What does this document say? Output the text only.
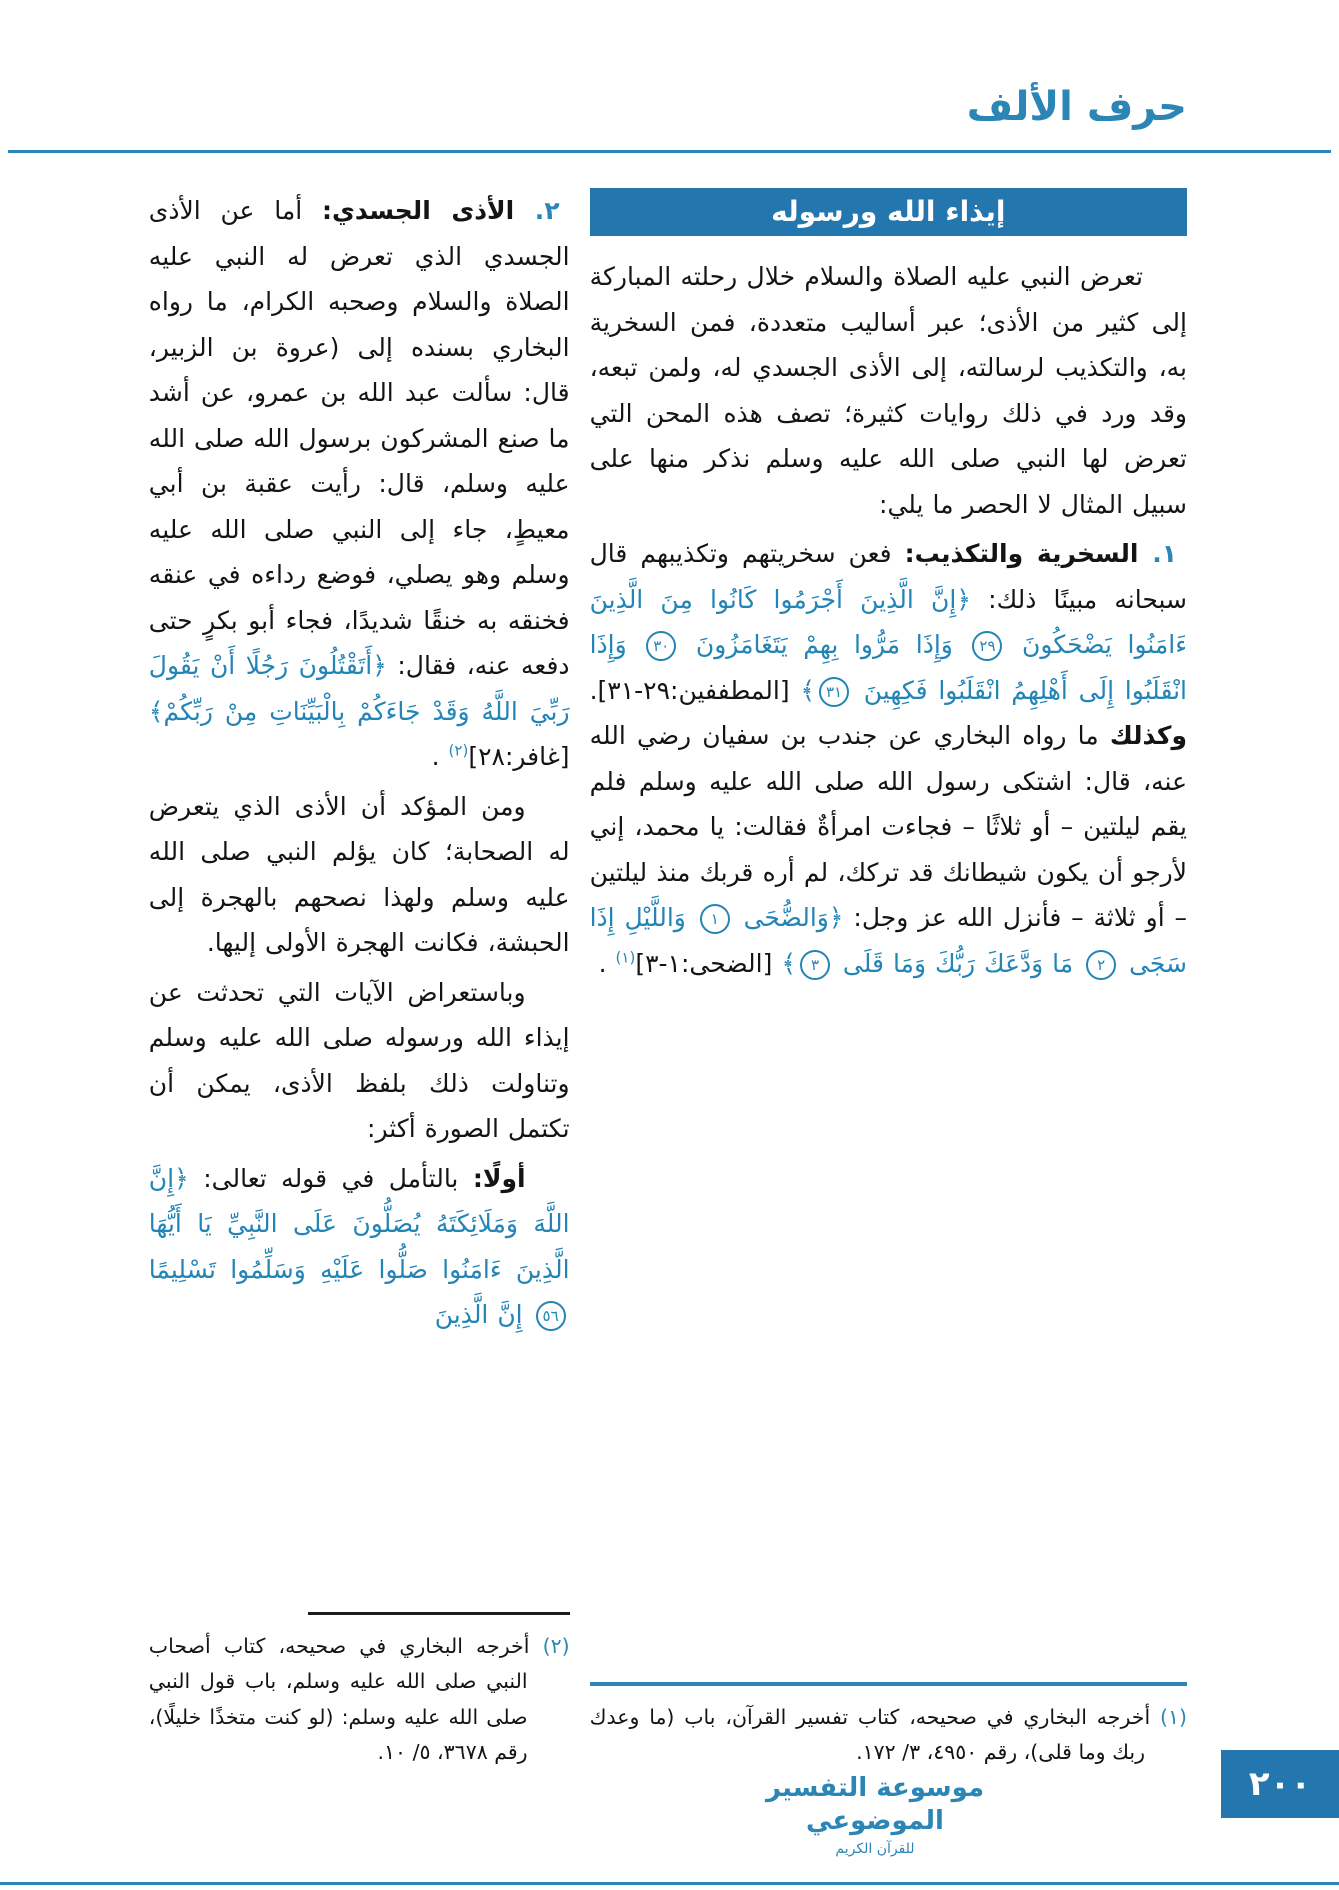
حرف الألف
إيذاء الله ورسوله

تعرض النبي عليه الصلاة والسلام خلال رحلته المباركة إلى كثير من الأذى؛ عبر أساليب متعددة، فمن السخرية به، والتكذيب لرسالته، إلى الأذى الجسدي له، ولمن تبعه، وقد ورد في ذلك روايات كثيرة؛ تصف هذه المحن التي تعرض لها النبي صلى الله عليه وسلم نذكر منها على سبيل المثال لا الحصر ما يلي:

١. السخرية والتكذيب: فعن سخريتهم وتكذيبهم قال سبحانه مبينًا ذلك: ﴿إِنَّ الَّذِينَ أَجْرَمُوا كَانُوا مِنَ الَّذِينَ ءَامَنُوا يَضْحَكُونَ ٢٩ وَإِذَا مَرُّوا بِهِمْ يَتَغَامَزُونَ ٣٠ وَإِذَا انْقَلَبُوا إِلَى أَهْلِهِمُ انْقَلَبُوا فَكِهِينَ ٣١﴾ [المطففين:٢٩-٣١]. وكذلك ما رواه البخاري عن جندب بن سفيان رضي الله عنه، قال: اشتكى رسول الله صلى الله عليه وسلم فلم يقم ليلتين – أو ثلاثًا – فجاءت امرأةٌ فقالت: يا محمد، إني لأرجو أن يكون شيطانك قد تركك، لم أره قربك منذ ليلتين – أو ثلاثة – فأنزل الله عز وجل: ﴿وَالضُّحَى ١ وَاللَّيْلِ إِذَا سَجَى ٢ مَا وَدَّعَكَ رَبُّكَ وَمَا قَلَى ٣﴾ [الضحى:١-٣]$^{(١)}$ .

(١) أخرجه البخاري في صحيحه، كتاب تفسير القرآن، باب (ما وعدك ربك وما قلى)، رقم ٤٩٥٠، ٣/ ١٧٢.

٢. الأذى الجسدي: أما عن الأذى الجسدي الذي تعرض له النبي عليه الصلاة والسلام وصحبه الكرام، ما رواه البخاري بسنده إلى (عروة بن الزبير، قال: سألت عبد الله بن عمرو، عن أشد ما صنع المشركون برسول الله صلى الله عليه وسلم، قال: رأيت عقبة بن أبي معيطٍ، جاء إلى النبي صلى الله عليه وسلم وهو يصلي، فوضع رداءه في عنقه فخنقه به خنقًا شديدًا، فجاء أبو بكرٍ حتى دفعه عنه، فقال: ﴿أَتَقْتُلُونَ رَجُلًا أَنْ يَقُولَ رَبِّيَ اللَّهُ وَقَدْ جَاءَكُمْ بِالْبَيِّنَاتِ مِنْ رَبِّكُمْ﴾ [غافر:٢٨]$^{(٢)}$ .

ومن المؤكد أن الأذى الذي يتعرض له الصحابة؛ كان يؤلم النبي صلى الله عليه وسلم ولهذا نصحهم بالهجرة إلى الحبشة، فكانت الهجرة الأولى إليها.

وباستعراض الآيات التي تحدثت عن إيذاء الله ورسوله صلى الله عليه وسلم وتناولت ذلك بلفظ الأذى، يمكن أن تكتمل الصورة أكثر:

أولًا: بالتأمل في قوله تعالى: ﴿إِنَّ اللَّهَ وَمَلَائِكَتَهُ يُصَلُّونَ عَلَى النَّبِيِّ يَا أَيُّهَا الَّذِينَ ءَامَنُوا صَلُّوا عَلَيْهِ وَسَلِّمُوا تَسْلِيمًا ٥٦ إِنَّ الَّذِينَ

(٢) أخرجه البخاري في صحيحه، كتاب أصحاب النبي صلى الله عليه وسلم، باب قول النبي صلى الله عليه وسلم: (لو كنت متخذًا خليلًا)، رقم ٣٦٧٨، ٥/ ١٠.

موسوعة التفسير الموضوعي
للقرآن الكريم
٢٠٠
